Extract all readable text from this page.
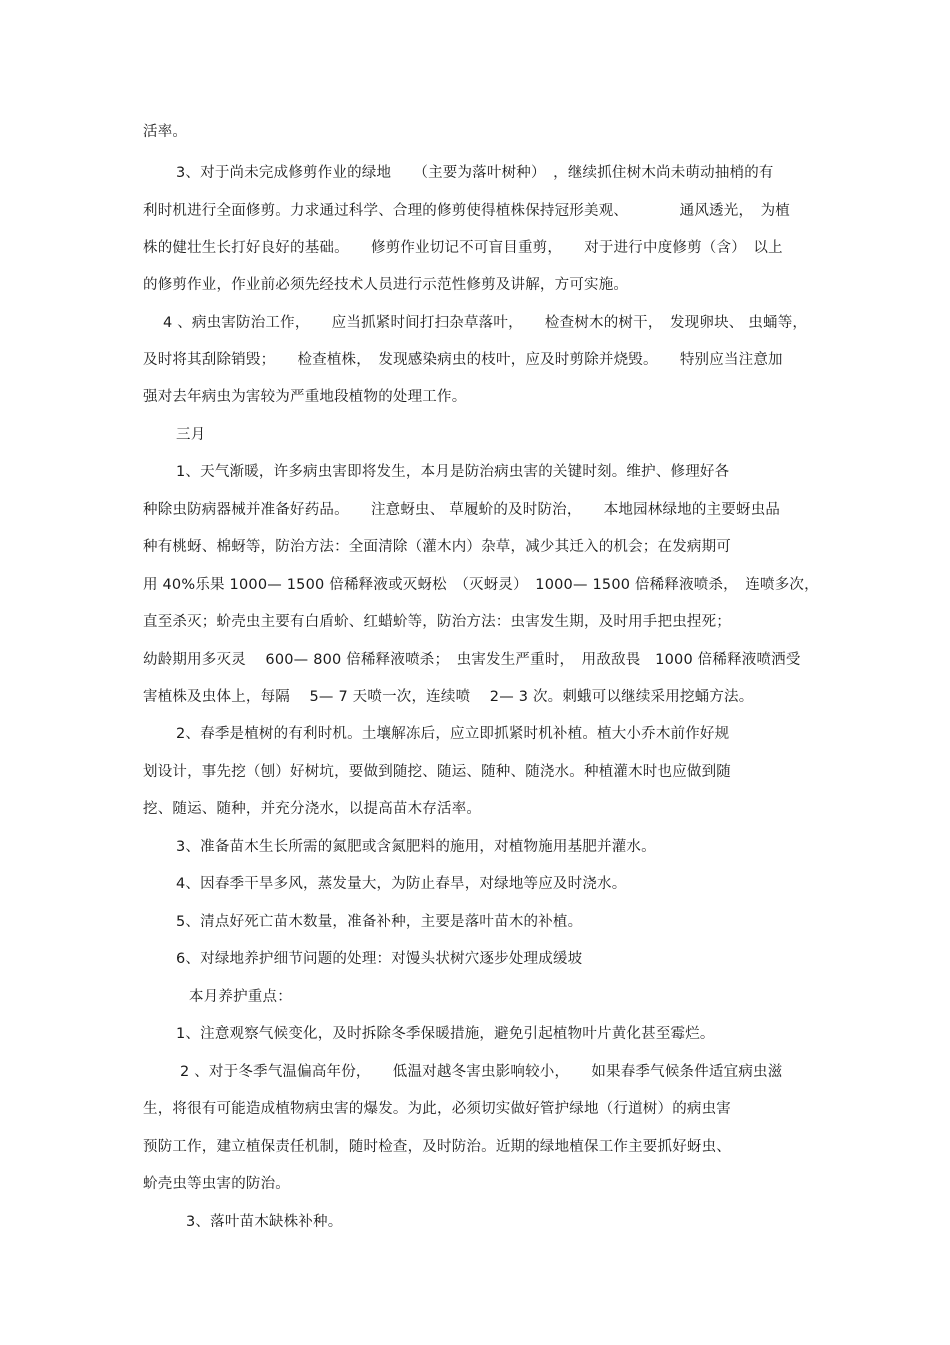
活率。
3、对于尚未完成修剪作业的绿地　　（主要为落叶树种）　，继续抓住树木尚未萌动抽梢的有
利时机进行全面修剪。力求通过科学、合理的修剪使得植株保持冠形美观、　　　　通风透光，　为植
株的健壮生长打好良好的基础。　　修剪作业切记不可盲目重剪，　　对于进行中度修剪（含）　以上
的修剪作业，作业前必须先经技术人员进行示范性修剪及讲解，方可实施。
4 、病虫害防治工作，　　应当抓紧时间打扫杂草落叶，　　检查树木的树干，　发现卵块、 虫蛹等，
及时将其刮除销毁；　　检查植株，　发现感染病虫的枝叶，应及时剪除并烧毁。　　特别应当注意加
强对去年病虫为害较为严重地段植物的处理工作。
三月
1、天气渐暖，许多病虫害即将发生，本月是防治病虫害的关键时刻。维护、修理好各
种除虫防病器械并准备好药品。　　注意蚜虫、 草履蚧的及时防治，　　本地园林绿地的主要蚜虫品
种有桃蚜、棉蚜等，防治方法：全面清除（灌木内）杂草，减少其迁入的机会；在发病期可
用 40%乐果 1000— 1500 倍稀释液或灭蚜松　（灭蚜灵）　1000— 1500 倍稀释液喷杀，　连喷多次，
直至杀灭；蚧壳虫主要有白盾蚧、红蜡蚧等，防治方法：虫害发生期，及时用手把虫捏死；
幼龄期用多灭灵　 600— 800 倍稀释液喷杀；　虫害发生严重时，　用敌敌畏　1000 倍稀释液喷洒受
害植株及虫体上，每隔　 5— 7 天喷一次，连续喷　 2— 3 次。刺蛾可以继续采用挖蛹方法。
2、春季是植树的有利时机。土壤解冻后，应立即抓紧时机补植。植大小乔木前作好规
划设计，事先挖（刨）好树坑，要做到随挖、随运、随种、随浇水。种植灌木时也应做到随
挖、随运、随种，并充分浇水，以提高苗木存活率。
3、准备苗木生长所需的氮肥或含氮肥料的施用，对植物施用基肥并灌水。
4、因春季干旱多风，蒸发量大，为防止春旱，对绿地等应及时浇水。
5、清点好死亡苗木数量，准备补种，主要是落叶苗木的补植。
6、对绿地养护细节问题的处理：对馒头状树穴逐步处理成缓坡
本月养护重点：
1、注意观察气候变化，及时拆除冬季保暖措施，避免引起植物叶片黄化甚至霉烂。
2 、对于冬季气温偏高年份，　　低温对越冬害虫影响较小，　　如果春季气候条件适宜病虫滋
生，将很有可能造成植物病虫害的爆发。为此，必须切实做好管护绿地（行道树）的病虫害
预防工作，建立植保责任机制，随时检查，及时防治。近期的绿地植保工作主要抓好蚜虫、
蚧壳虫等虫害的防治。
3、落叶苗木缺株补种。
